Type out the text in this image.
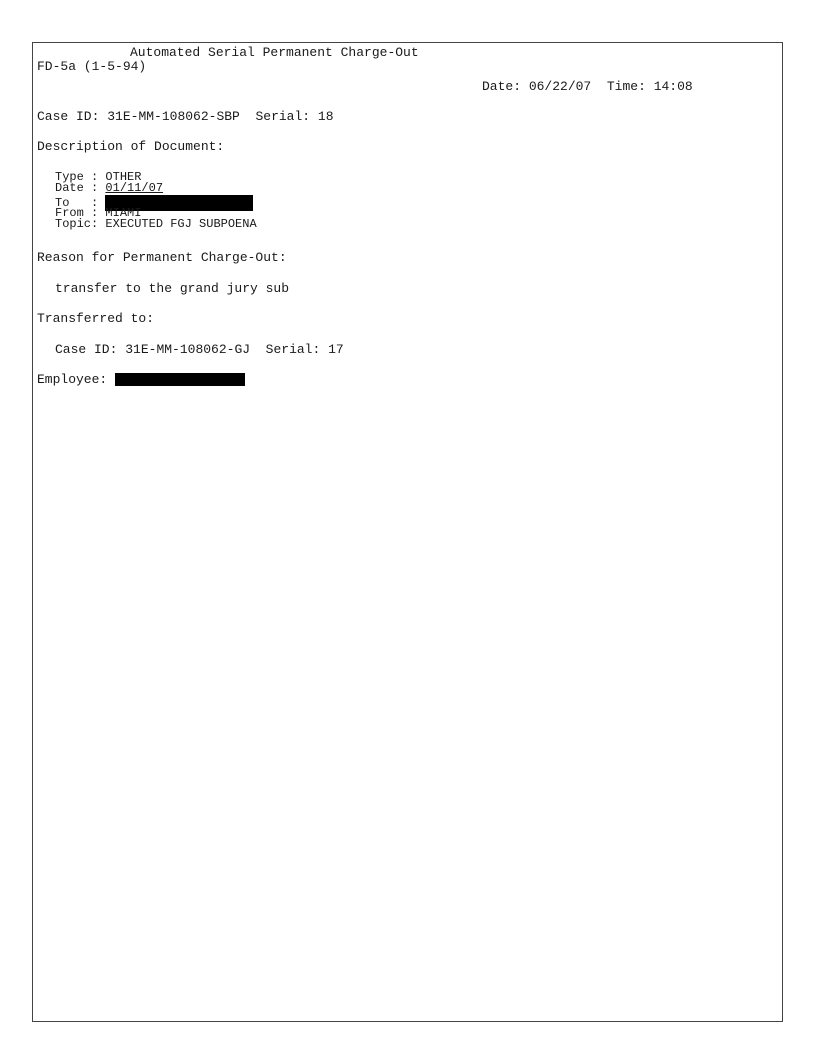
Automated Serial Permanent Charge-Out
FD-5a (1-5-94)
Date: 06/22/07 Time: 14:08
Case ID: 31E-MM-108062-SBP Serial: 18
Description of Document:
Type : OTHER
Date : 01/11/07
To   :
From : MIAMI
Topic: EXECUTED FGJ SUBPOENA
Reason for Permanent Charge-Out:
transfer to the grand jury sub
Transferred to:
Case ID: 31E-MM-108062-GJ Serial: 17
Employee:
